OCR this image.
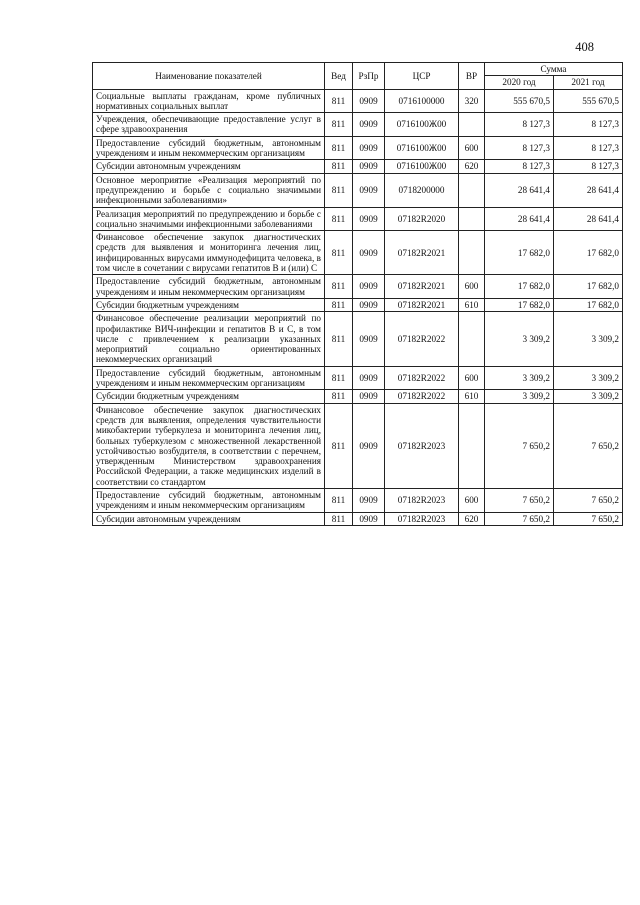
408
Наименование показателей	Вед	РзПр	ЦСР	ВР	Сумма	
					2020 год	2021 год
Социальные выплаты гражданам, кроме публичных нормативных социальных выплат	811	0909	0716100000	320	555 670,5	555 670,5
Учреждения, обеспечивающие предоставление услуг в сфере здравоохранения	811	0909	0716100Ж00		8 127,3	8 127,3
Предоставление субсидий бюджетным, автономным учреждениям и иным некоммерческим организациям	811	0909	0716100Ж00	600	8 127,3	8 127,3
Субсидии автономным учреждениям	811	0909	0716100Ж00	620	8 127,3	8 127,3
Основное мероприятие «Реализация мероприятий по предупреждению и борьбе с социально значимыми инфекционными заболеваниями»	811	0909	0718200000		28 641,4	28 641,4
Реализация мероприятий по предупреждению и борьбе с социально значимыми инфекционными заболеваниями	811	0909	07182R2020		28 641,4	28 641,4
Финансовое обеспечение закупок диагностических средств для выявления и мониторинга лечения лиц, инфицированных вирусами иммунодефицита человека, в том числе в сочетании с вирусами гепатитов В и (или) С	811	0909	07182R2021		17 682,0	17 682,0
Предоставление субсидий бюджетным, автономным учреждениям и иным некоммерческим организациям	811	0909	07182R2021	600	17 682,0	17 682,0
Субсидии бюджетным учреждениям	811	0909	07182R2021	610	17 682,0	17 682,0
Финансовое обеспечение реализации мероприятий по профилактике ВИЧ-инфекции и гепатитов В и С, в том числе с привлечением к реализации указанных мероприятий социально ориентированных некоммерческих организаций	811	0909	07182R2022		3 309,2	3 309,2
Предоставление субсидий бюджетным, автономным учреждениям и иным некоммерческим организациям	811	0909	07182R2022	600	3 309,2	3 309,2
Субсидии бюджетным учреждениям	811	0909	07182R2022	610	3 309,2	3 309,2
Финансовое обеспечение закупок диагностических средств для выявления, определения чувствительности микобактерии туберкулеза и мониторинга лечения лиц, больных туберкулезом с множественной лекарственной устойчивостью возбудителя, в соответствии с перечнем, утвержденным Министерством здравоохранения Российской Федерации, а также медицинских изделий в соответствии со стандартом	811	0909	07182R2023		7 650,2	7 650,2
Предоставление субсидий бюджетным, автономным учреждениям и иным некоммерческим организациям	811	0909	07182R2023	600	7 650,2	7 650,2
Субсидии автономным учреждениям	811	0909	07182R2023	620	7 650,2	7 650,2
